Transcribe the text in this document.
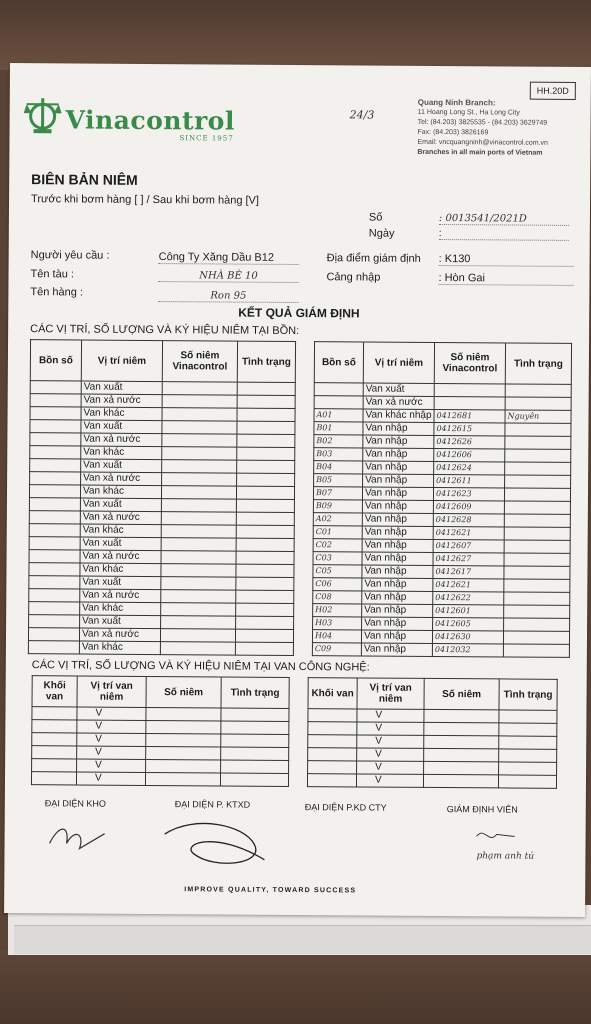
Vinacontrol
SINCE 1957
24/3
HH.20D
Quang Ninh Branch:
11 Hoang Long St., Ha Long City
Tel: (84.203) 3825535 - (84.203) 3629749
Fax: (84.203) 3826169
Email: vncquangninh@vinacontrol.com.vn
Branches in all main ports of Vietnam
BIÊN BẢN NIÊM
Trước khi bơm hàng [ ] / Sau khi bơm hàng [V]
Số	: 0013541/2021D
Ngày	:
Người yêu cầu :	Công Ty Xăng Dầu B12	Địa điểm giám định : K130
Tên tàu :	NHÀ BÈ 10	Cảng nhập	: Hòn Gai
Tên hàng :	Ron 95
KẾT QUẢ GIÁM ĐỊNH
CÁC VỊ TRÍ, SỐ LƯỢNG VÀ KÝ HIỆU NIÊM TẠI BỒN:
Bồn số	Vị trí niêm	Số niêm Vinacontrol	Tình trạng
	Van xuất		
	Van xả nước		
	Van khác		
	Van xuất		
	Van xả nước		
	Van khác		
	Van xuất		
	Van xả nước		
	Van khác		
	Van xuất		
	Van xả nước		
	Van khác		
	Van xuất		
	Van xả nước		
	Van khác		
	Van xuất		
	Van xả nước		
	Van khác		
	Van xuất		
	Van xả nước		
	Van khác		
Bồn số	Vị trí niêm	Số niêm Vinacontrol	Tình trạng
	Van xuất		
	Van xả nước		
A01	Van khác nhập	0412681	Nguyên
B01	Van nhập	0412615	
B02	Van nhập	0412626	
B03	Van nhập	0412606	
B04	Van nhập	0412624	
B05	Van nhập	0412611	
B07	Van nhập	0412623	
B09	Van nhập	0412609	
A02	Van nhập	0412628	
C01	Van nhập	0412621	
C02	Van nhập	0412607	
C03	Van nhập	0412627	
C05	Van nhập	0412617	
C06	Van nhập	0412621	
C08	Van nhập	0412622	
H02	Van nhập	0412601	
H03	Van nhập	0412605	
H04	Van nhập	0412630	
C09	Van nhập	0412032	
CÁC VỊ TRÍ, SỐ LƯỢNG VÀ KÝ HIỆU NIÊM TẠI VAN CÔNG NGHỆ:
Khối van	Vị trí van niêm	Số niêm	Tình trạng
	V		
	V		
	V		
	V		
	V		
	V		
Khối van	Vị trí van niêm	Số niêm	Tình trạng
	V		
	V		
	V		
	V		
	V		
	V		
ĐẠI DIỆN KHO	ĐẠI DIỆN P. KTXD	ĐẠI DIỆN P.KD CTY	GIÁM ĐỊNH VIÊN
phạm anh tú
IMPROVE QUALITY, TOWARD SUCCESS
